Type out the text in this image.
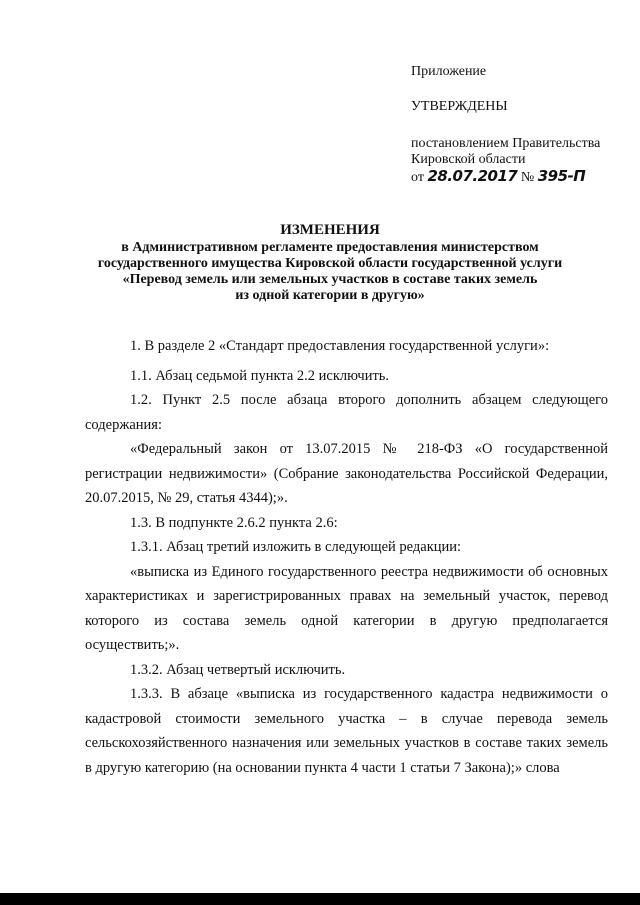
Приложение
УТВЕРЖДЕНЫ
постановлением Правительства
Кировской области
от 28.07.2017 № 395-П
ИЗМЕНЕНИЯ
в Административном регламенте предоставления министерством
государственного имущества Кировской области государственной услуги
«Перевод земель или земельных участков в составе таких земель
из одной категории в другую»

1. В разделе 2 «Стандарт предоставления государственной услуги»:

1.1. Абзац седьмой пункта 2.2 исключить.

1.2. Пункт 2.5 после абзаца второго дополнить абзацем следующего содержания:

«Федеральный закон от 13.07.2015 № 218-ФЗ «О государственной регистрации недвижимости» (Собрание законодательства Российской Федерации, 20.07.2015, № 29, статья 4344);».

1.3. В подпункте 2.6.2 пункта 2.6:

1.3.1. Абзац третий изложить в следующей редакции:

«выписка из Единого государственного реестра недвижимости об основных характеристиках и зарегистрированных правах на земельный участок, перевод которого из состава земель одной категории в другую предполагается осуществить;».

1.3.2. Абзац четвертый исключить.

1.3.3. В абзаце «выписка из государственного кадастра недвижимости о кадастровой стоимости земельного участка – в случае перевода земель сельскохозяйственного назначения или земельных участков в составе таких земель в другую категорию (на основании пункта 4 части 1 статьи 7 Закона);» слова
